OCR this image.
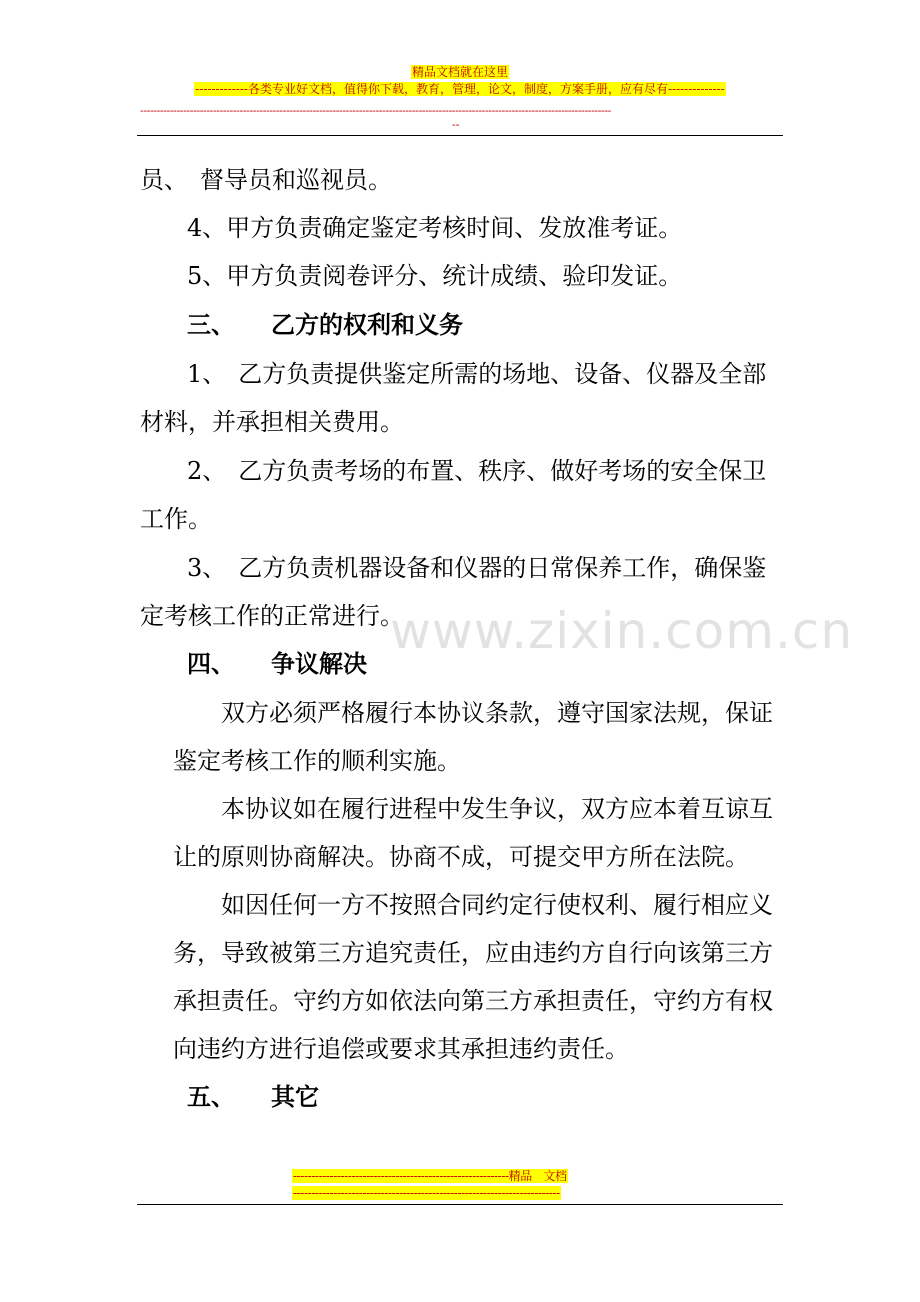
精品文档就在这里
-------------各类专业好文档，值得你下载，教育，管理，论文，制度，方案手册，应有尽有--------------
----------------------------------------------------------------------------------------------------------------------------------------------
--
www.zixin.com.cn
员、　督导员和巡视员。
4、甲方负责确定鉴定考核时间、发放准考证。
5、甲方负责阅卷评分、统计成绩、验印发证。
三、　　乙方的权利和义务
1、　乙方负责提供鉴定所需的场地、设备、仪器及全部
材料，并承担相关费用。
2、　乙方负责考场的布置、秩序、做好考场的安全保卫
工作。
3、　乙方负责机器设备和仪器的日常保养工作，确保鉴
定考核工作的正常进行。
四、　　争议解决
双方必须严格履行本协议条款，遵守国家法规，保证
鉴定考核工作的顺利实施。
本协议如在履行进程中发生争议，双方应本着互谅互
让的原则协商解决。协商不成，可提交甲方所在法院。
如因任何一方不按照合同约定行使权利、履行相应义
务，导致被第三方追究责任，应由违约方自行向该第三方
承担责任。守约方如依法向第三方承担责任，守约方有权
向违约方进行追偿或要求其承担违约责任。
五、　　其它
-----------------------------------------------------------精品　文档
-------------------------------------------------------------------------
